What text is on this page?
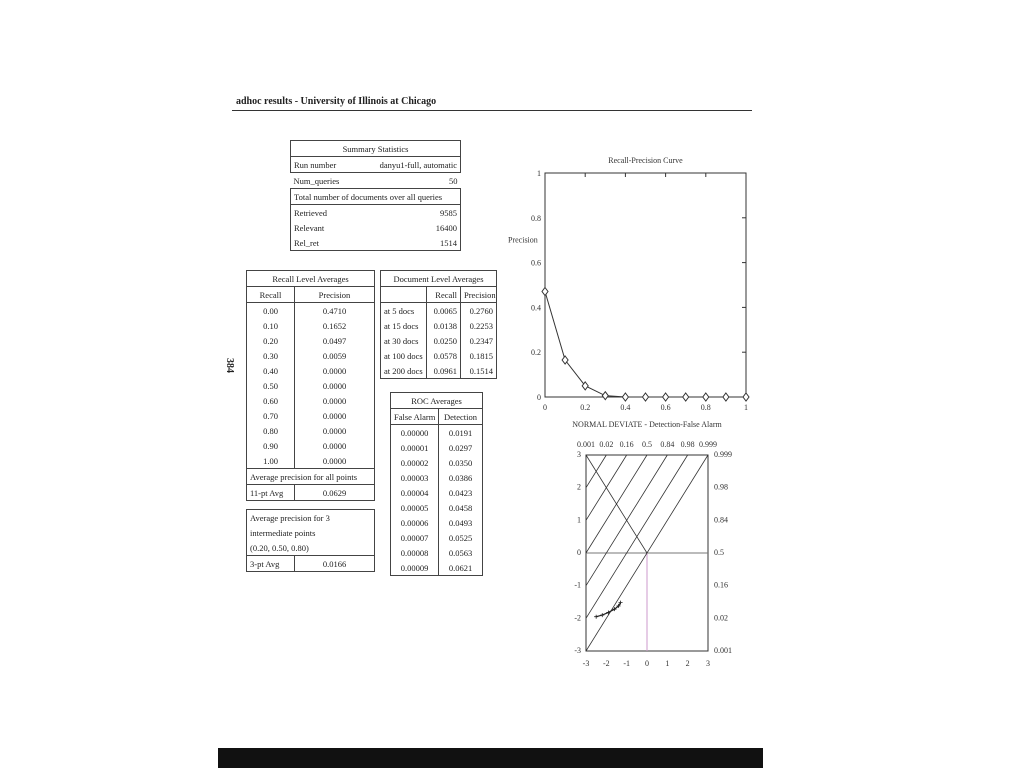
adhoc results - University of Illinois at Chicago
384
Summary Statistics	
Run number	danyu1-full, automatic
Num_queries	50
Total number of documents over all queries	
Retrieved	9585
Relevant	16400
Rel_ret	1514
Recall Level Averages	
Recall	Precision
0.00	0.4710
0.10	0.1652
0.20	0.0497
0.30	0.0059
0.40	0.0000
0.50	0.0000
0.60	0.0000
0.70	0.0000
0.80	0.0000
0.90	0.0000
1.00	0.0000
Average precision for all points	
11-pt Avg	0.0629

Average precision for 3	
intermediate points	
(0.20, 0.50, 0.80)	
3-pt Avg	0.0166
Document Level Averages		
	Recall	Precision
at 5 docs	0.0065	0.2760
at 15 docs	0.0138	0.2253
at 30 docs	0.0250	0.2347
at 100 docs	0.0578	0.1815
at 200 docs	0.0961	0.1514
ROC Averages	
False Alarm	Detection
0.00000	0.0191
0.00001	0.0297
0.00002	0.0350
0.00003	0.0386
0.00004	0.0423
0.00005	0.0458
0.00006	0.0493
0.00007	0.0525
0.00008	0.0563
0.00009	0.0621
Recall-Precision Curve
Precision
0	0.2	0.4	0.6	0.8	1
0
0.2
0.4
0.6
0.8
1
NORMAL DEVIATE - Detection-False Alarm
-3 -2 -1 0 1 2 3
-3
-2
-1
0
1
2
3
0.001 0.02 0.16 0.5 0.84 0.98 0.999
0.001
0.02
0.16
0.5
0.84
0.98
0.999
